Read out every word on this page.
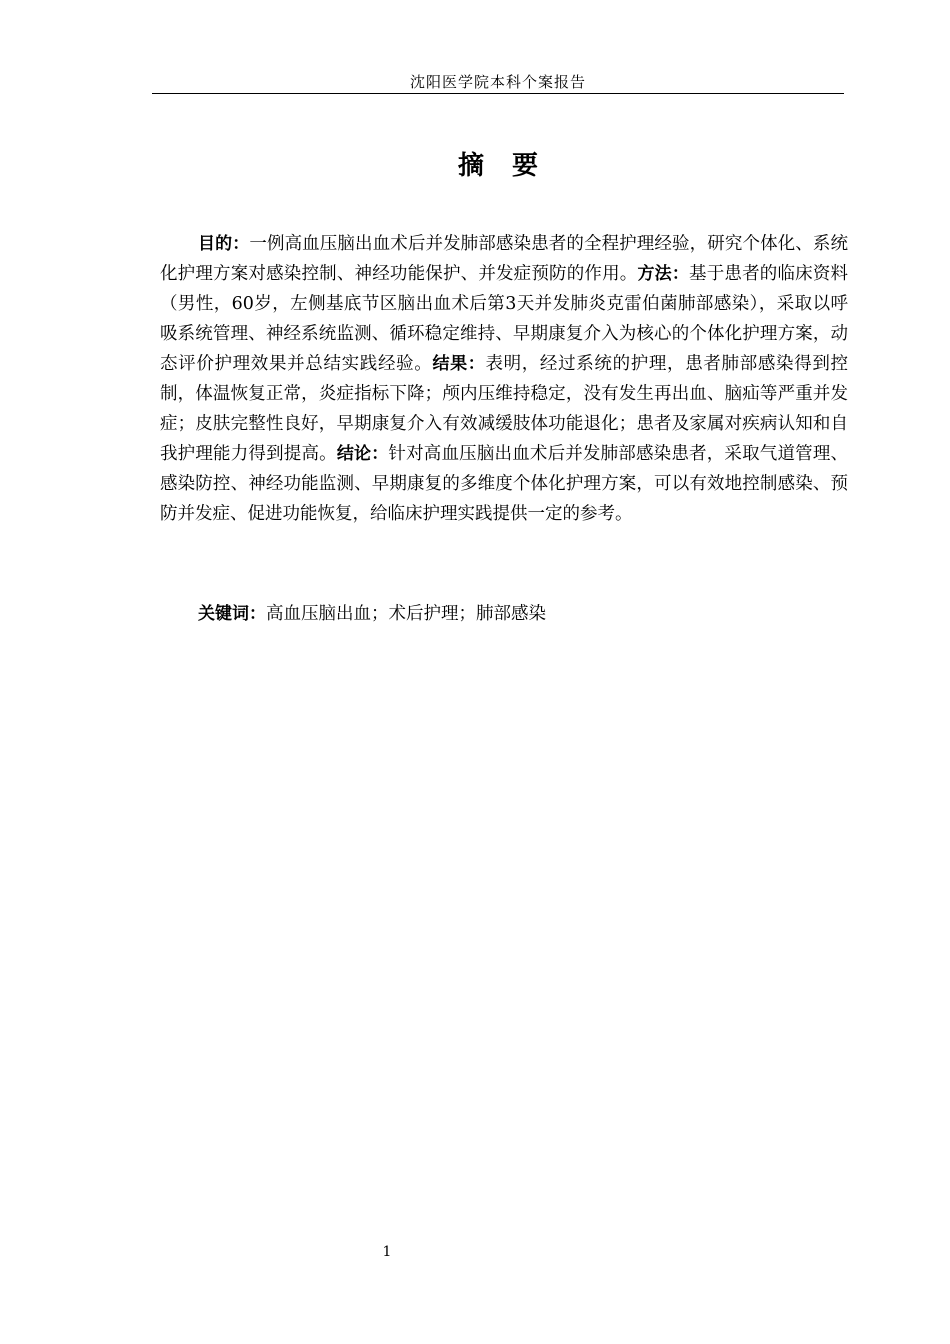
沈阳医学院本科个案报告
摘要

目的：一例高血压脑出血术后并发肺部感染患者的全程护理经验，研究个体化、系统化护理方案对感染控制、神经功能保护、并发症预防的作用。方法：基于患者的临床资料（男性，60岁，左侧基底节区脑出血术后第3天并发肺炎克雷伯菌肺部感染），采取以呼吸系统管理、神经系统监测、循环稳定维持、早期康复介入为核心的个体化护理方案，动态评价护理效果并总结实践经验。结果：表明，经过系统的护理，患者肺部感染得到控制，体温恢复正常，炎症指标下降；颅内压维持稳定，没有发生再出血、脑疝等严重并发症；皮肤完整性良好，早期康复介入有效减缓肢体功能退化；患者及家属对疾病认知和自我护理能力得到提高。结论：针对高血压脑出血术后并发肺部感染患者，采取气道管理、感染防控、神经功能监测、早期康复的多维度个体化护理方案，可以有效地控制感染、预防并发症、促进功能恢复，给临床护理实践提供一定的参考。

关键词：高血压脑出血；术后护理；肺部感染

1
